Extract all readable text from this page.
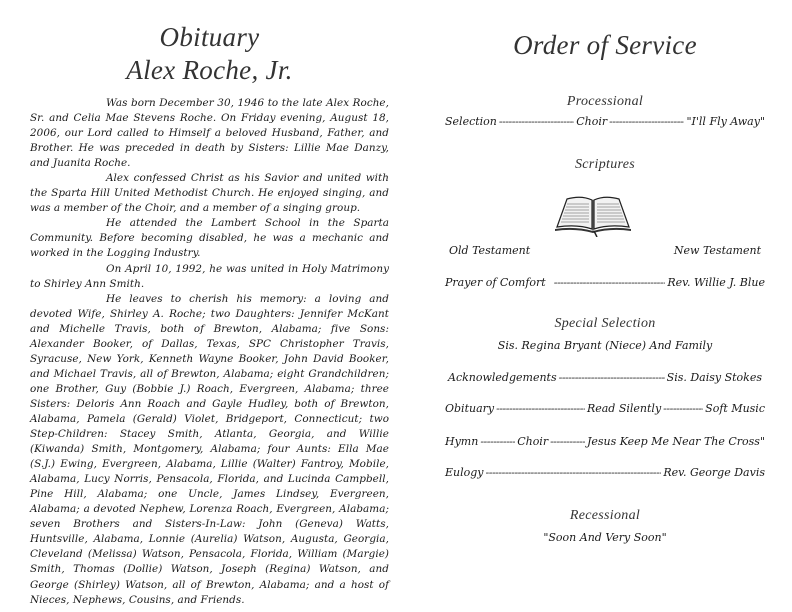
Obituary
Alex Roche, Jr.

Was born December 30, 1946 to the late Alex Roche, Sr. and Celia Mae Stevens Roche. On Friday evening, August 18, 2006, our Lord called to Himself a beloved Husband, Father, and Brother. He was preceded in death by Sisters: Lillie Mae Danzy, and Juanita Roche.

Alex confessed Christ as his Savior and united with the Sparta Hill United Methodist Church. He enjoyed singing, and was a member of the Choir, and a member of a singing group.

He attended the Lambert School in the Sparta Community. Before becoming disabled, he was a mechanic and worked in the Logging Industry.

On April 10, 1992, he was united in Holy Matrimony to Shirley Ann Smith.

He leaves to cherish his memory: a loving and devoted Wife, Shirley A. Roche; two Daughters: Jennifer McKant and Michelle Travis, both of Brewton, Alabama; five Sons: Alexander Booker, of Dallas, Texas, SPC Christopher Travis, Syracuse, New York, Kenneth Wayne Booker, John David Booker, and Michael Travis, all of Brewton, Alabama; eight Grandchildren; one Brother, Guy (Bobbie J.) Roach, Evergreen, Alabama; three Sisters: Deloris Ann Roach and Gayle Hudley, both of Brewton, Alabama, Pamela (Gerald) Violet, Bridgeport, Connecticut; two Step-Children: Stacey Smith, Atlanta, Georgia, and Willie (Kiwanda) Smith, Montgomery, Alabama; four Aunts: Ella Mae (S.J.) Ewing, Evergreen, Alabama, Lillie (Walter) Fantroy, Mobile, Alabama, Lucy Norris, Pensacola, Florida, and Lucinda Campbell, Pine Hill, Alabama; one Uncle, James Lindsey, Evergreen, Alabama; a devoted Nephew, Lorenza Roach, Evergreen, Alabama; seven Brothers and Sisters-In-Law: John (Geneva) Watts, Huntsville, Alabama, Lonnie (Aurelia) Watson, Augusta, Georgia, Cleveland (Melissa) Watson, Pensacola, Florida, William (Margie) Smith, Thomas (Dollie) Watson, Joseph (Regina) Watson, and George (Shirley) Watson, all of Brewton, Alabama; and a host of Nieces, Nephews, Cousins, and Friends.

Order of Service
Processional
Selection -----	Choir -----	"I'll Fly Away"
Scriptures
Old Testament	New Testament
Prayer of Comfort -----	Rev. Willie J. Blue
Special Selection
Sis. Regina Bryant (Niece) And Family
Acknowledgements -----	Sis. Daisy Stokes
Obituary -----	Read Silently -----	Soft Music
Hymn -----	Choir -----	Jesus Keep Me Near The Cross"
Eulogy -----	Rev. George Davis
Recessional
"Soon And Very Soon"
